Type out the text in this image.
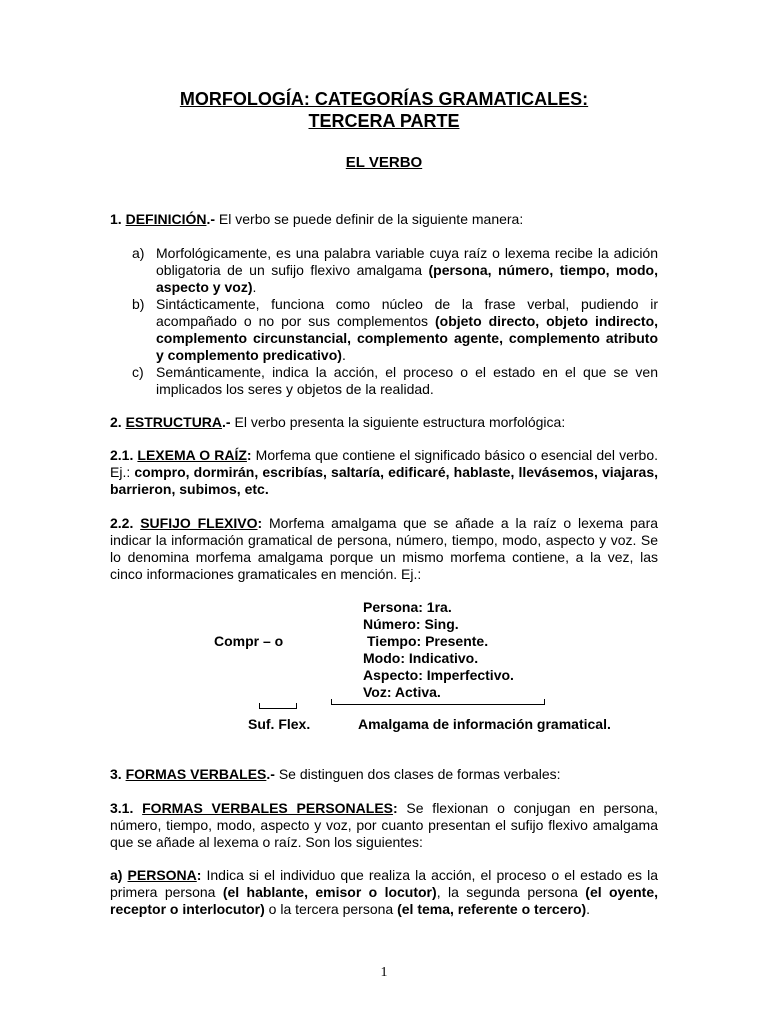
MORFOLOGÍA: CATEGORÍAS GRAMATICALES:
TERCERA PARTE
EL VERBO
1. DEFINICIÓN.- El verbo se puede definir de la siguiente manera:
a) Morfológicamente, es una palabra variable cuya raíz o lexema recibe la adición obligatoria de un sufijo flexivo amalgama (persona, número, tiempo, modo, aspecto y voz).
b) Sintácticamente, funciona como núcleo de la frase verbal, pudiendo ir acompañado o no por sus complementos (objeto directo, objeto indirecto, complemento circunstancial, complemento agente, complemento atributo y complemento predicativo).
c) Semánticamente, indica la acción, el proceso o el estado en el que se ven implicados los seres y objetos de la realidad.
2. ESTRUCTURA.- El verbo presenta la siguiente estructura morfológica:
2.1. LEXEMA O RAÍZ: Morfema que contiene el significado básico o esencial del verbo. Ej.: compro, dormirán, escribías, saltaría, edificaré, hablaste, llevásemos, viajaras, barrieron, subimos, etc.
2.2. SUFIJO FLEXIVO: Morfema amalgama que se añade a la raíz o lexema para indicar la información gramatical de persona, número, tiempo, modo, aspecto y voz. Se lo denomina morfema amalgama porque un mismo morfema contiene, a la vez, las cinco informaciones gramaticales en mención. Ej.:
Compr – o
Persona: 1ra.
Número: Sing.
Tiempo: Presente.
Modo: Indicativo.
Aspecto: Imperfectivo.
Voz: Activa.
Suf. Flex.	Amalgama de información gramatical.
3. FORMAS VERBALES.- Se distinguen dos clases de formas verbales:
3.1. FORMAS VERBALES PERSONALES: Se flexionan o conjugan en persona, número, tiempo, modo, aspecto y voz, por cuanto presentan el sufijo flexivo amalgama que se añade al lexema o raíz. Son los siguientes:
a) PERSONA: Indica si el individuo que realiza la acción, el proceso o el estado es la primera persona (el hablante, emisor o locutor), la segunda persona (el oyente, receptor o interlocutor) o la tercera persona (el tema, referente o tercero).
1
